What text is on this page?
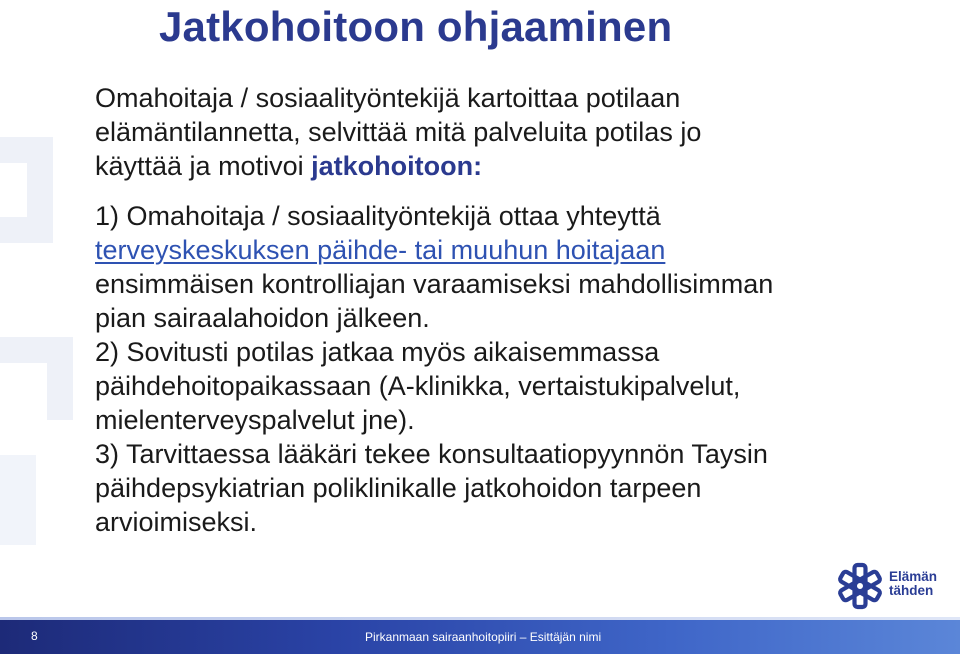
Jatkohoitoon ohjaaminen
Omahoitaja / sosiaalityöntekijä kartoittaa potilaan
elämäntilannetta, selvittää mitä palveluita potilas jo
käyttää ja motivoi jatkohoitoon:
1) Omahoitaja / sosiaalityöntekijä ottaa yhteyttä
terveyskeskuksen päihde- tai muuhun hoitajaan
ensimmäisen kontrolliajan varaamiseksi mahdollisimman
pian sairaalahoidon jälkeen.
2) Sovitusti potilas jatkaa myös aikaisemmassa
päihdehoitopaikassaan (A-klinikka, vertaistukipalvelut,
mielenterveyspalvelut jne).
3) Tarvittaessa lääkäri tekee konsultaatiopyynnön Taysin
päihdepsykiatrian poliklinikalle jatkohoidon tarpeen
arvioimiseksi.
Elämän
tähden
8	Pirkanmaan sairaanhoitopiiri – Esittäjän nimi
